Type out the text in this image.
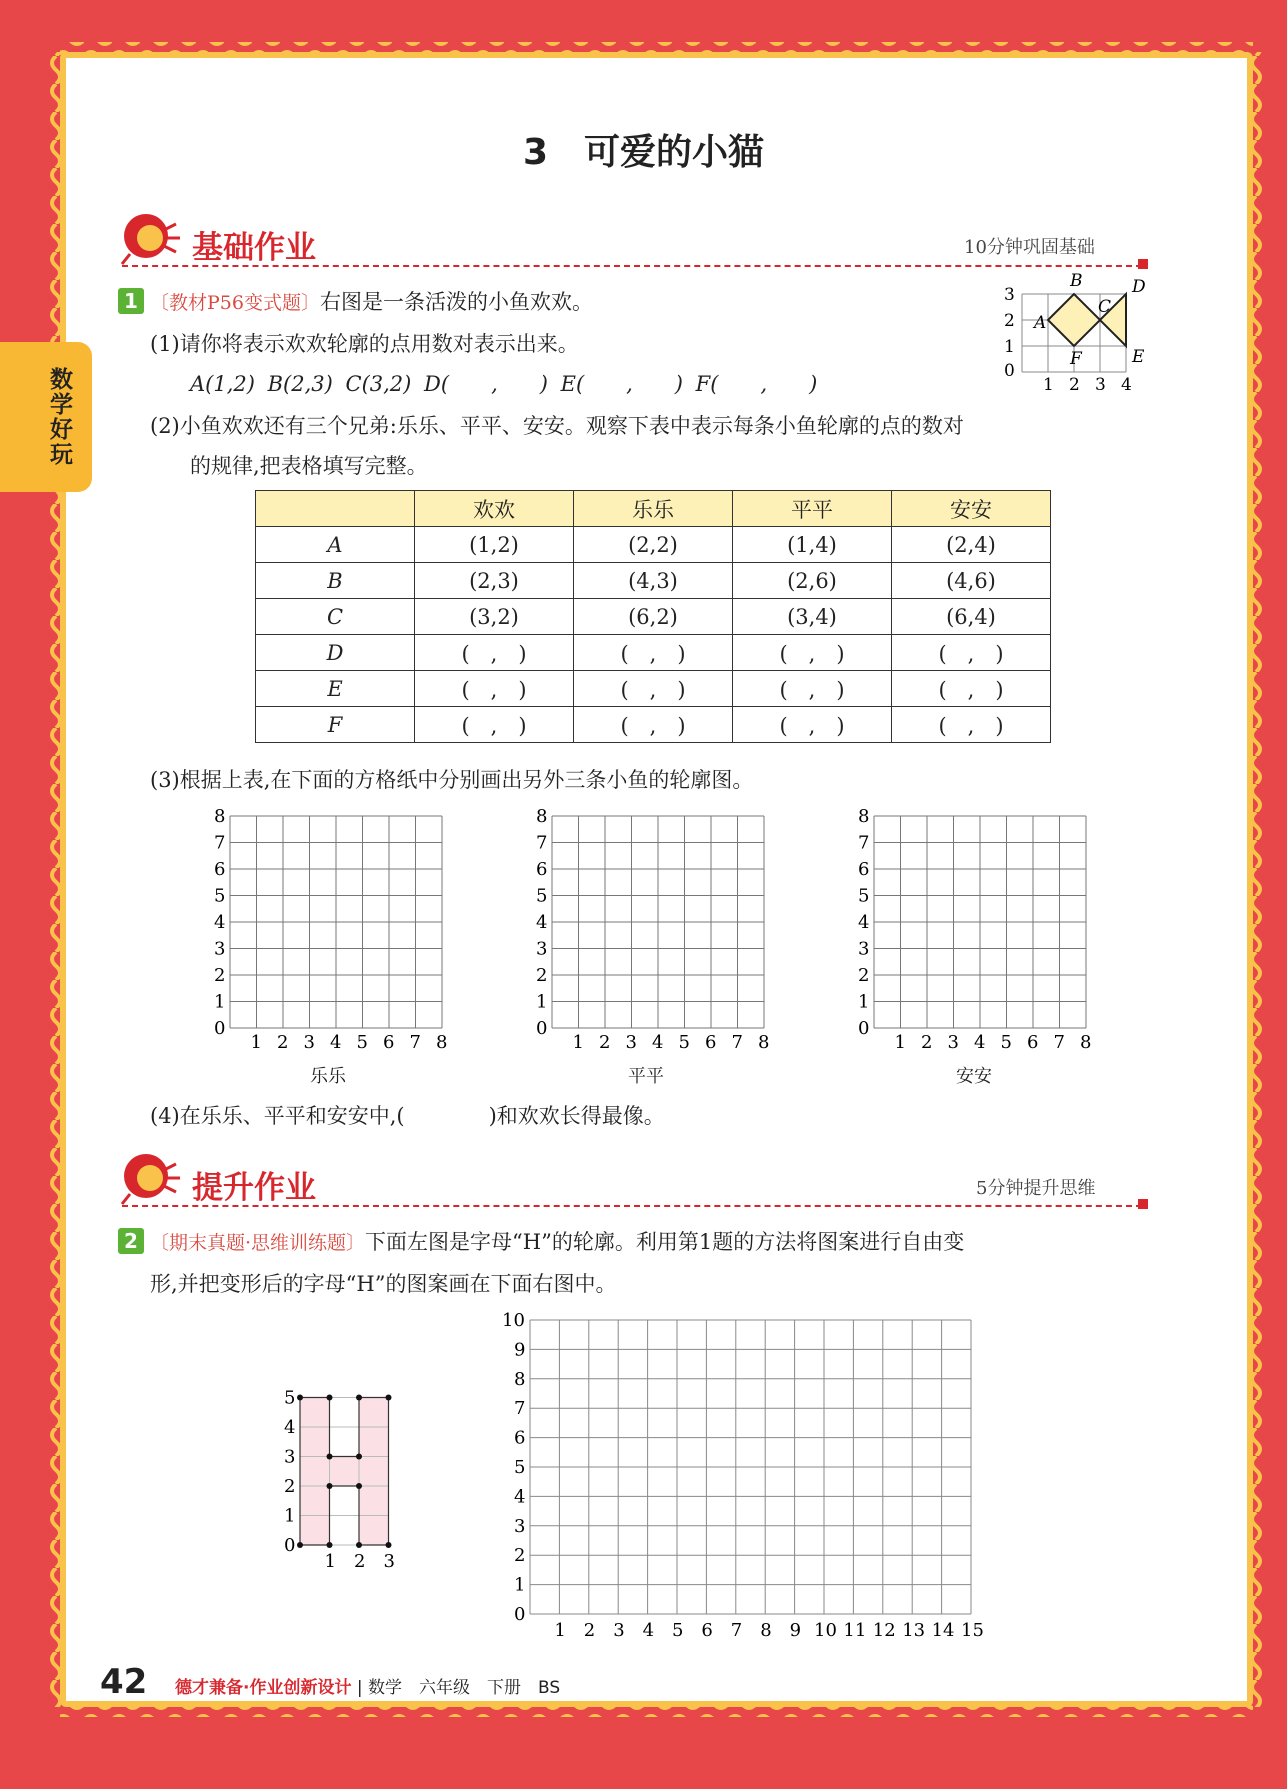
数学好玩
3　可爱的小猫
基础作业	10分钟巩固基础
1 〔教材P56变式题〕右图是一条活泼的小鱼欢欢。
(1)请你将表示欢欢轮廓的点用数对表示出来。
A(1,2) B(2,3) C(3,2) D(　　,　　) E(　　,　　) F(　　,　　)
A
B
C
D
E
F
0
1 2 3 4
1
2
3
(2)小鱼欢欢还有三个兄弟:乐乐、平平、安安。观察下表中表示每条小鱼轮廓的点的数对
的规律,把表格填写完整。
	欢欢	乐乐	平平	安安
A	(1,2)	(2,2)	(1,4)	(2,4)
B	(2,3)	(4,3)	(2,6)	(4,6)
C	(3,2)	(6,2)	(3,4)	(6,4)
D	(　,　)	(　,　)	(　,　)	(　,　)
E	(　,　)	(　,　)	(　,　)	(　,　)
F	(　,　)	(　,　)	(　,　)	(　,　)
(3)根据上表,在下面的方格纸中分别画出另外三条小鱼的轮廓图。
0
1
1
2
2
3
3
4
4
5
5
6
6
7
7
8
8
0
1
1
2
2
3
3
4
4
5
5
6
6
7
7
8
8
0
1
1
2
2
3
3
4
4
5
5
6
6
7
7
8
8
乐乐	平平	安安
(4)在乐乐、平平和安安中,(　　　　)和欢欢长得最像。
提升作业	5分钟提升思维
2 〔期末真题·思维训练题〕下面左图是字母“H”的轮廓。利用第1题的方法将图案进行自由变
形,并把变形后的字母“H”的图案画在下面右图中。
0
1 2 3
1
2
3
4
5
1 2 3 4 5 6 7 8 9 10 11 12 13 14 15
0
1
2
3
4
5
6
7
8
9
10
42 德才兼备·作业创新设计 | 数学　六年级　下册　BS
